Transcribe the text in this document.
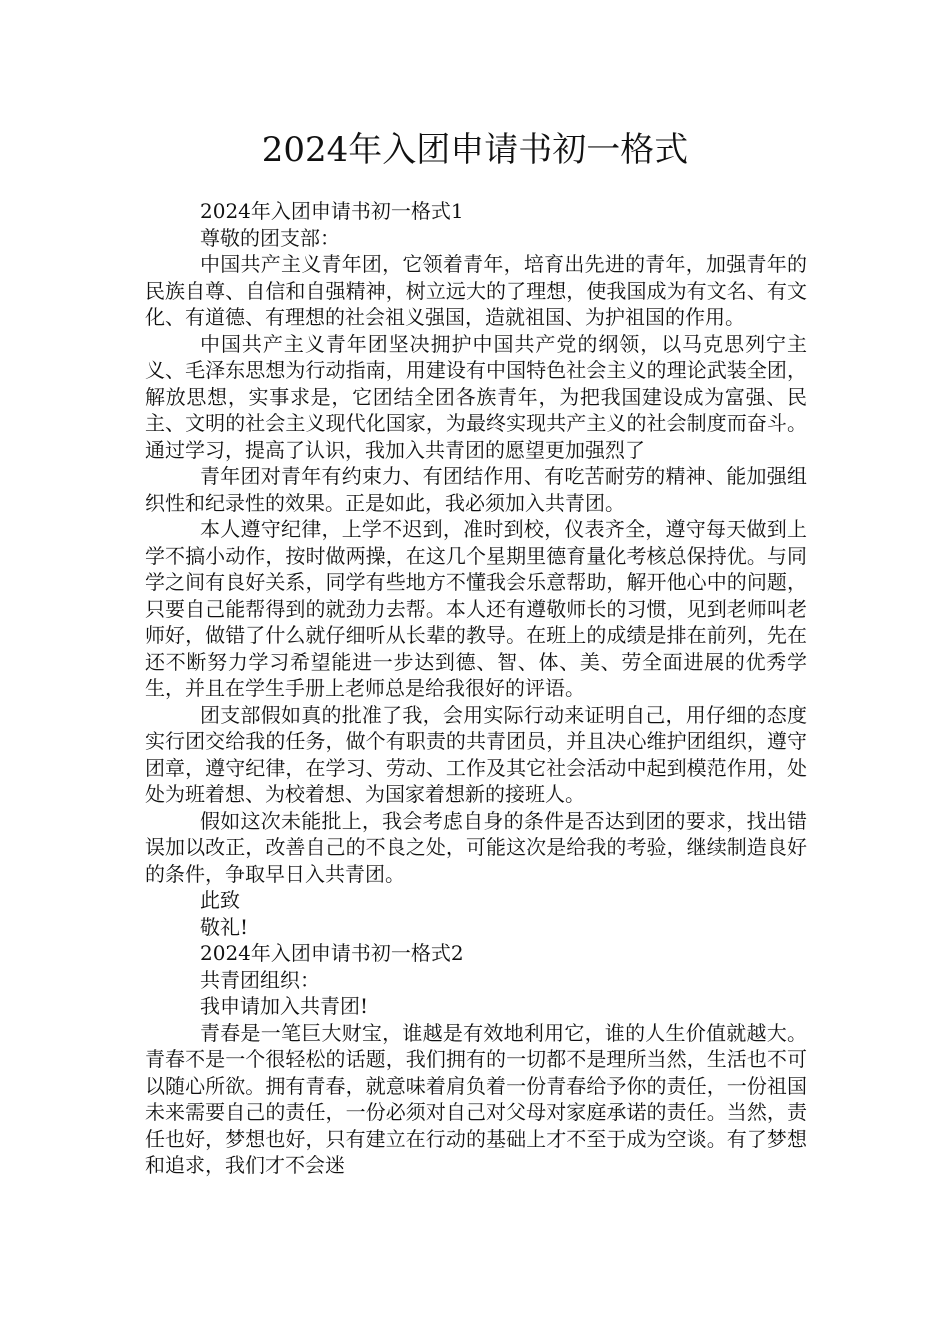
2024年入团申请书初一格式

2024年入团申请书初一格式1

尊敬的团支部：

中国共产主义青年团，它领着青年，培育出先进的青年，加强青年的民族自尊、自信和自强精神，树立远大的了理想，使我国成为有文名、有文化、有道德、有理想的社会祖义强国，造就祖国、为护祖国的作用。

中国共产主义青年团坚决拥护中国共产党的纲领，以马克思列宁主义、毛泽东思想为行动指南，用建设有中国特色社会主义的理论武装全团，解放思想，实事求是，它团结全团各族青年，为把我国建设成为富强、民主、文明的社会主义现代化国家，为最终实现共产主义的社会制度而奋斗。通过学习，提高了认识，我加入共青团的愿望更加强烈了

青年团对青年有约束力、有团结作用、有吃苦耐劳的精神、能加强组织性和纪录性的效果。正是如此，我必须加入共青团。

本人遵守纪律，上学不迟到，准时到校，仪表齐全，遵守每天做到上学不搞小动作，按时做两操，在这几个星期里德育量化考核总保持优。与同学之间有良好关系，同学有些地方不懂我会乐意帮助，解开他心中的问题，只要自己能帮得到的就劲力去帮。本人还有遵敬师长的习惯，见到老师叫老师好，做错了什么就仔细听从长辈的教导。在班上的成绩是排在前列，先在还不断努力学习希望能进一步达到德、智、体、美、劳全面进展的优秀学生，并且在学生手册上老师总是给我很好的评语。

团支部假如真的批准了我，会用实际行动来证明自己，用仔细的态度实行团交给我的任务，做个有职责的共青团员，并且决心维护团组织，遵守团章，遵守纪律，在学习、劳动、工作及其它社会活动中起到模范作用，处处为班着想、为校着想、为国家着想新的接班人。

假如这次未能批上，我会考虑自身的条件是否达到团的要求，找出错误加以改正，改善自己的不良之处，可能这次是给我的考验，继续制造良好的条件，争取早日入共青团。

此致

敬礼!

2024年入团申请书初一格式2

共青团组织：

我申请加入共青团!

青春是一笔巨大财宝，谁越是有效地利用它，谁的人生价值就越大。青春不是一个很轻松的话题，我们拥有的一切都不是理所当然，生活也不可以随心所欲。拥有青春，就意味着肩负着一份青春给予你的责任，一份祖国未来需要自己的责任，一份必须对自己对父母对家庭承诺的责任。当然，责任也好，梦想也好，只有建立在行动的基础上才不至于成为空谈。有了梦想和追求，我们才不会迷
